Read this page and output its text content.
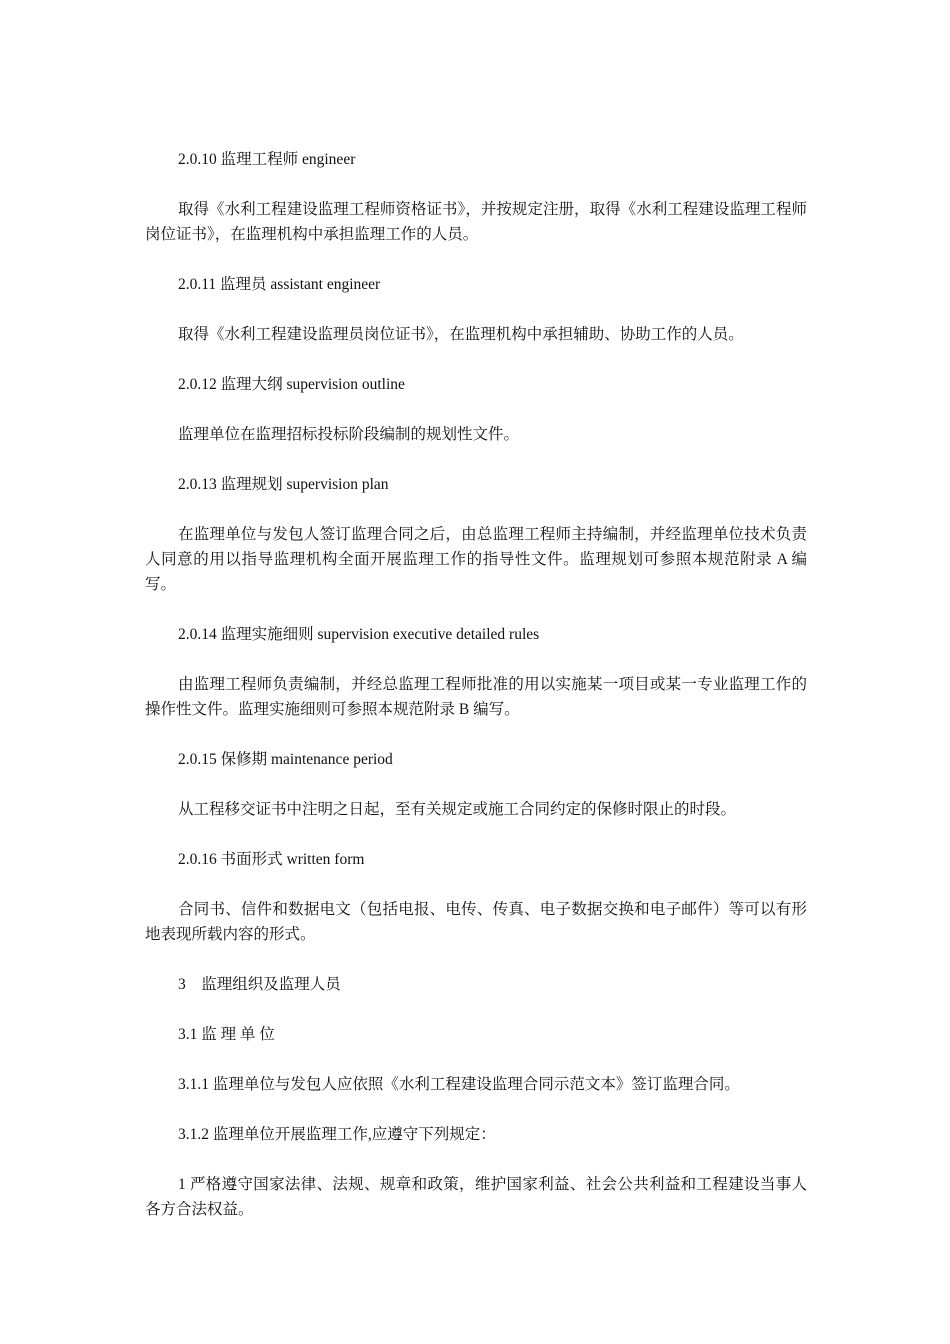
2.0.10 监理工程师 engineer

取得《水利工程建设监理工程师资格证书》，并按规定注册，取得《水利工程建设监理工程师岗位证书》，在监理机构中承担监理工作的人员。

2.0.11 监理员 assistant engineer

取得《水利工程建设监理员岗位证书》，在监理机构中承担辅助、协助工作的人员。

2.0.12 监理大纲 supervision outline

监理单位在监理招标投标阶段编制的规划性文件。

2.0.13 监理规划 supervision plan

在监理单位与发包人签订监理合同之后，由总监理工程师主持编制，并经监理单位技术负责人同意的用以指导监理机构全面开展监理工作的指导性文件。监理规划可参照本规范附录 A 编写。

2.0.14 监理实施细则 supervision executive detailed rules

由监理工程师负责编制，并经总监理工程师批准的用以实施某一项目或某一专业监理工作的操作性文件。监理实施细则可参照本规范附录 B 编写。

2.0.15 保修期 maintenance period

从工程移交证书中注明之日起，至有关规定或施工合同约定的保修时限止的时段。

2.0.16 书面形式 written form

合同书、信件和数据电文（包括电报、电传、传真、电子数据交换和电子邮件）等可以有形地表现所载内容的形式。

3　监理组织及监理人员

3.1 监 理 单 位

3.1.1 监理单位与发包人应依照《水利工程建设监理合同示范文本》签订监理合同。

3.1.2 监理单位开展监理工作,应遵守下列规定：

1 严格遵守国家法律、法规、规章和政策，维护国家利益、社会公共利益和工程建设当事人各方合法权益。
